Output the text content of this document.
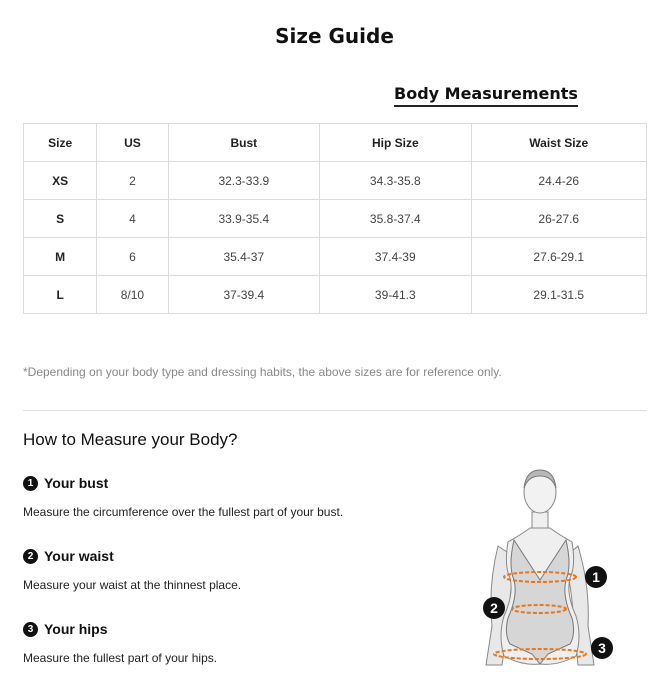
Size Guide
Body Measurements
Size	US	Bust	Hip Size	Waist Size
XS	2	32.3-33.9	34.3-35.8	24.4-26
S	4	33.9-35.4	35.8-37.4	26-27.6
M	6	35.4-37	37.4-39	27.6-29.1
L	8/10	37-39.4	39-41.3	29.1-31.5
*Depending on your body type and dressing habits, the above sizes are for reference only.
How to Measure your Body?
1 Your bust
Measure the circumference over the fullest part of your bust.
2 Your waist
Measure your waist at the thinnest place.
3 Your hips
Measure the fullest part of your hips.
1
2
3
